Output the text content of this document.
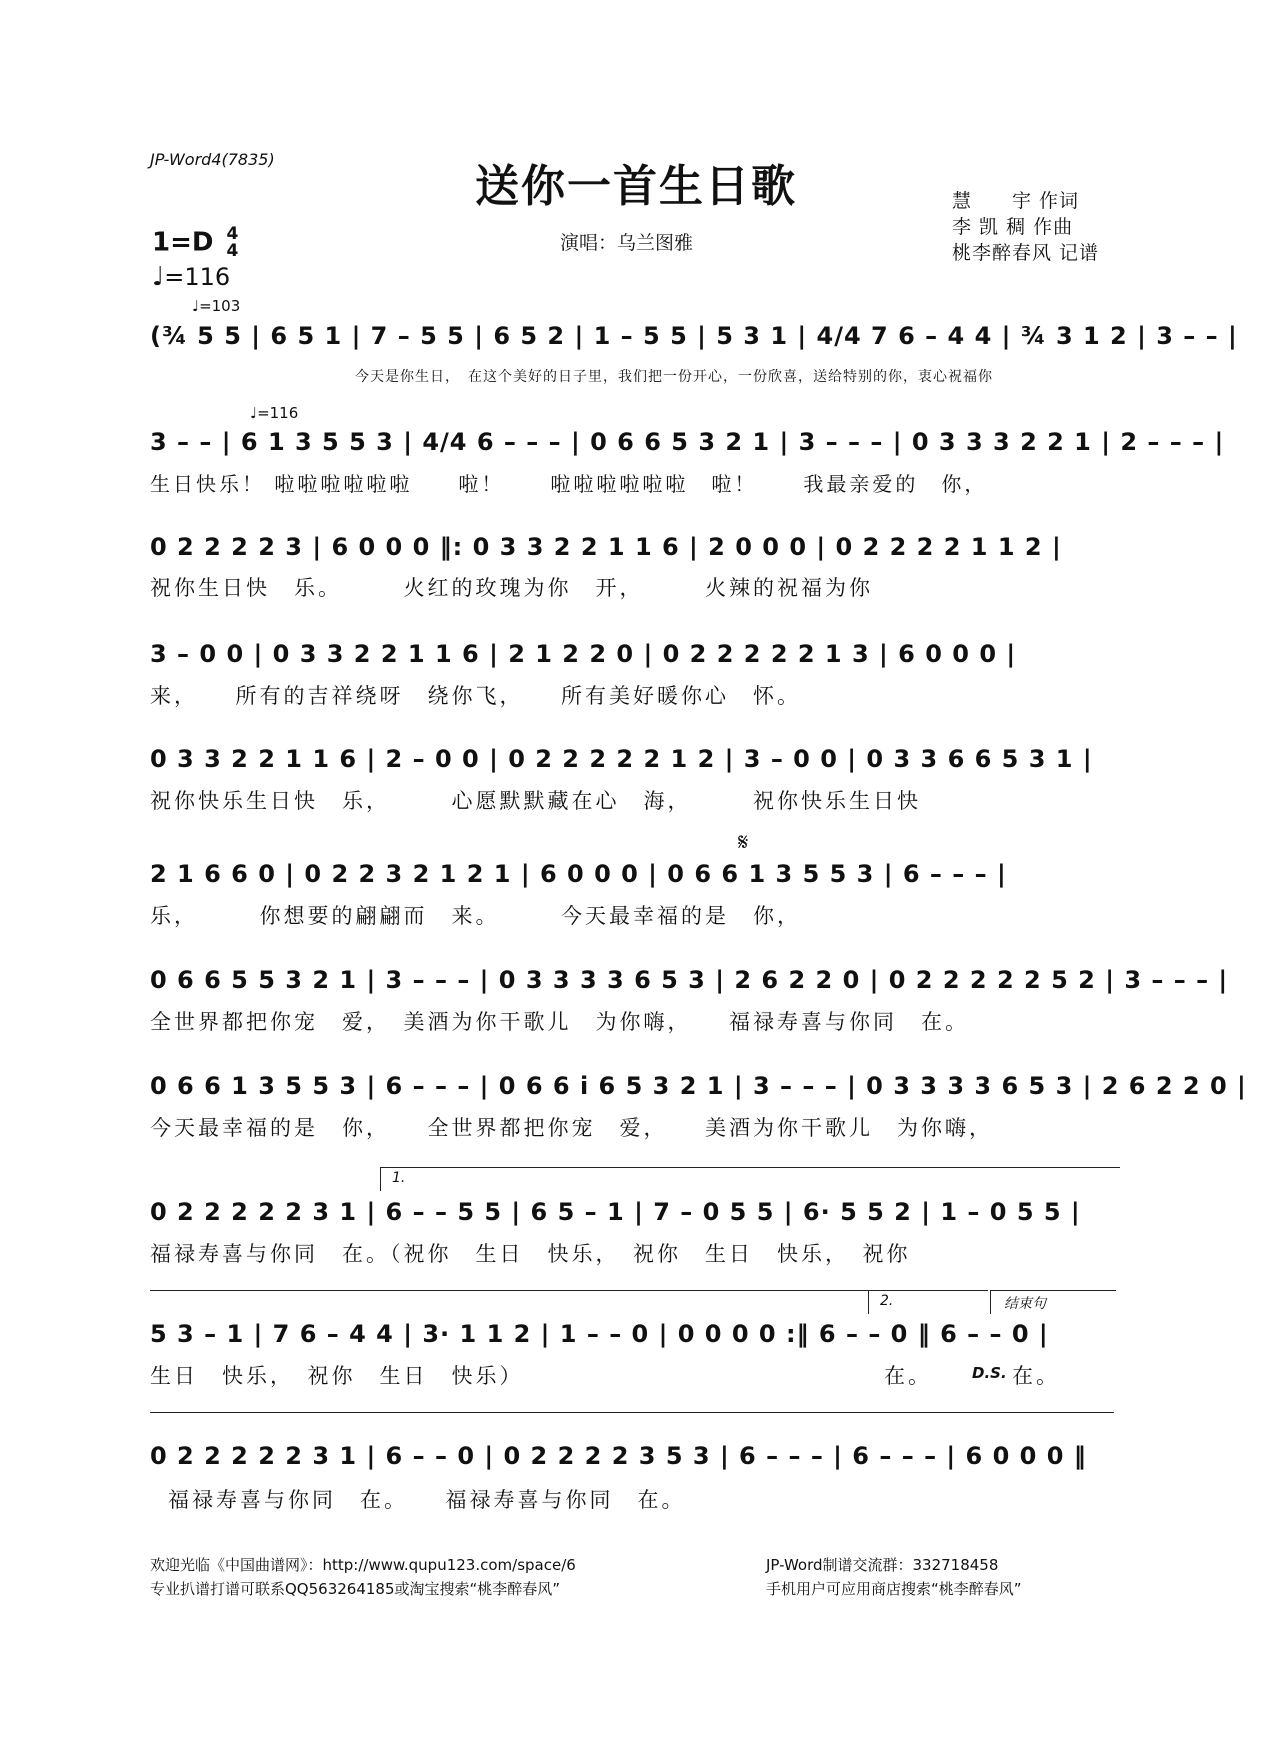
JP-Word4(7835)
送你一首生日歌
演唱：乌兰图雅
慧　　宇 作词
李 凯 稠 作曲
桃李醉春风 记谱
1=D 4
4
♩=116
♩=103
(¾ 5 5 | 6 5 1 | 7 – 5 5 | 6 5 2 | 1 – 5 5 | 5 3 1 | 4/4 7 6 – 4 4 | ¾ 3 1 2 | 3 – – |
今天是你生日，　在这个美好的日子里，我们把一份开心，一份欣喜，送给特别的你，衷心祝福你
♩=116
3 – – | 6 1 3 5 5 3 | 4/4 6 – – – | 0 6 6 5 3 2 1 | 3 – – – | 0 3 3 3 2 2 1 | 2 – – – |
生日快乐！ 啦啦啦啦啦啦　　啦！　　啦啦啦啦啦啦　啦！　　我最亲爱的　你，
0 2 2 2 2 3 | 6 0 0 0 ‖: 0 3 3 2 2 1 1 6 | 2 0 0 0 | 0 2 2 2 2 1 1 2 |
祝你生日快　乐。　　　火红的玫瑰为你　开，　　　火辣的祝福为你
3 – 0 0 | 0 3 3 2 2 1 1 6 | 2 1 2 2 0 | 0 2 2 2 2 2 1 3 | 6 0 0 0 |
来，　　所有的吉祥绕呀　绕你飞，　　所有美好暖你心　怀。
0 3 3 2 2 1 1 6 | 2 – 0 0 | 0 2 2 2 2 2 1 2 | 3 – 0 0 | 0 3 3 6 6 5 3 1 |
祝你快乐生日快　乐，　　　心愿默默藏在心　海，　　　祝你快乐生日快
𝄋
2 1 6 6 0 | 0 2 2 3 2 1 2 1 | 6 0 0 0 | 0 6 6 1 3 5 5 3 | 6 – – – |
乐，　　　你想要的翩翩而　来。　　　今天最幸福的是　你，
0 6 6 5 5 3 2 1 | 3 – – – | 0 3 3 3 3 6 5 3 | 2 6 2 2 0 | 0 2 2 2 2 2 5 2 | 3 – – – |
全世界都把你宠　爱，　美酒为你干歌儿　为你嗨，　　福禄寿喜与你同　在。
0 6 6 1 3 5 5 3 | 6 – – – | 0 6 6 i 6 5 3 2 1 | 3 – – – | 0 3 3 3 3 6 5 3 | 2 6 2 2 0 |
今天最幸福的是　你，　　全世界都把你宠　爱，　　美酒为你干歌儿　为你嗨，
1.
0 2 2 2 2 2 3 1 | 6 – – 5 5 | 6 5 – 1 | 7 – 0 5 5 | 6· 5 5 2 | 1 – 0 5 5 |
福禄寿喜与你同　在。（祝你　生日　快乐，　祝你　生日　快乐，　祝你
2.	结束句
5 3 – 1 | 7 6 – 4 4 | 3· 1 1 2 | 1 – – 0 | 0 0 0 0 :‖ 6 – – 0 ‖ 6 – – 0 |
生日　快乐，　祝你　生日　快乐）	在。	D.S. 在。
0 2 2 2 2 2 3 1 | 6 – – 0 | 0 2 2 2 2 3 5 3 | 6 – – – | 6 – – – | 6 0 0 0 ‖
福禄寿喜与你同　在。　　福禄寿喜与你同　在。
欢迎光临《中国曲谱网》：http://www.qupu123.com/space/6
专业扒谱打谱可联系QQ563264185或淘宝搜索“桃李醉春风”
JP-Word制谱交流群：332718458
手机用户可应用商店搜索“桃李醉春风”
